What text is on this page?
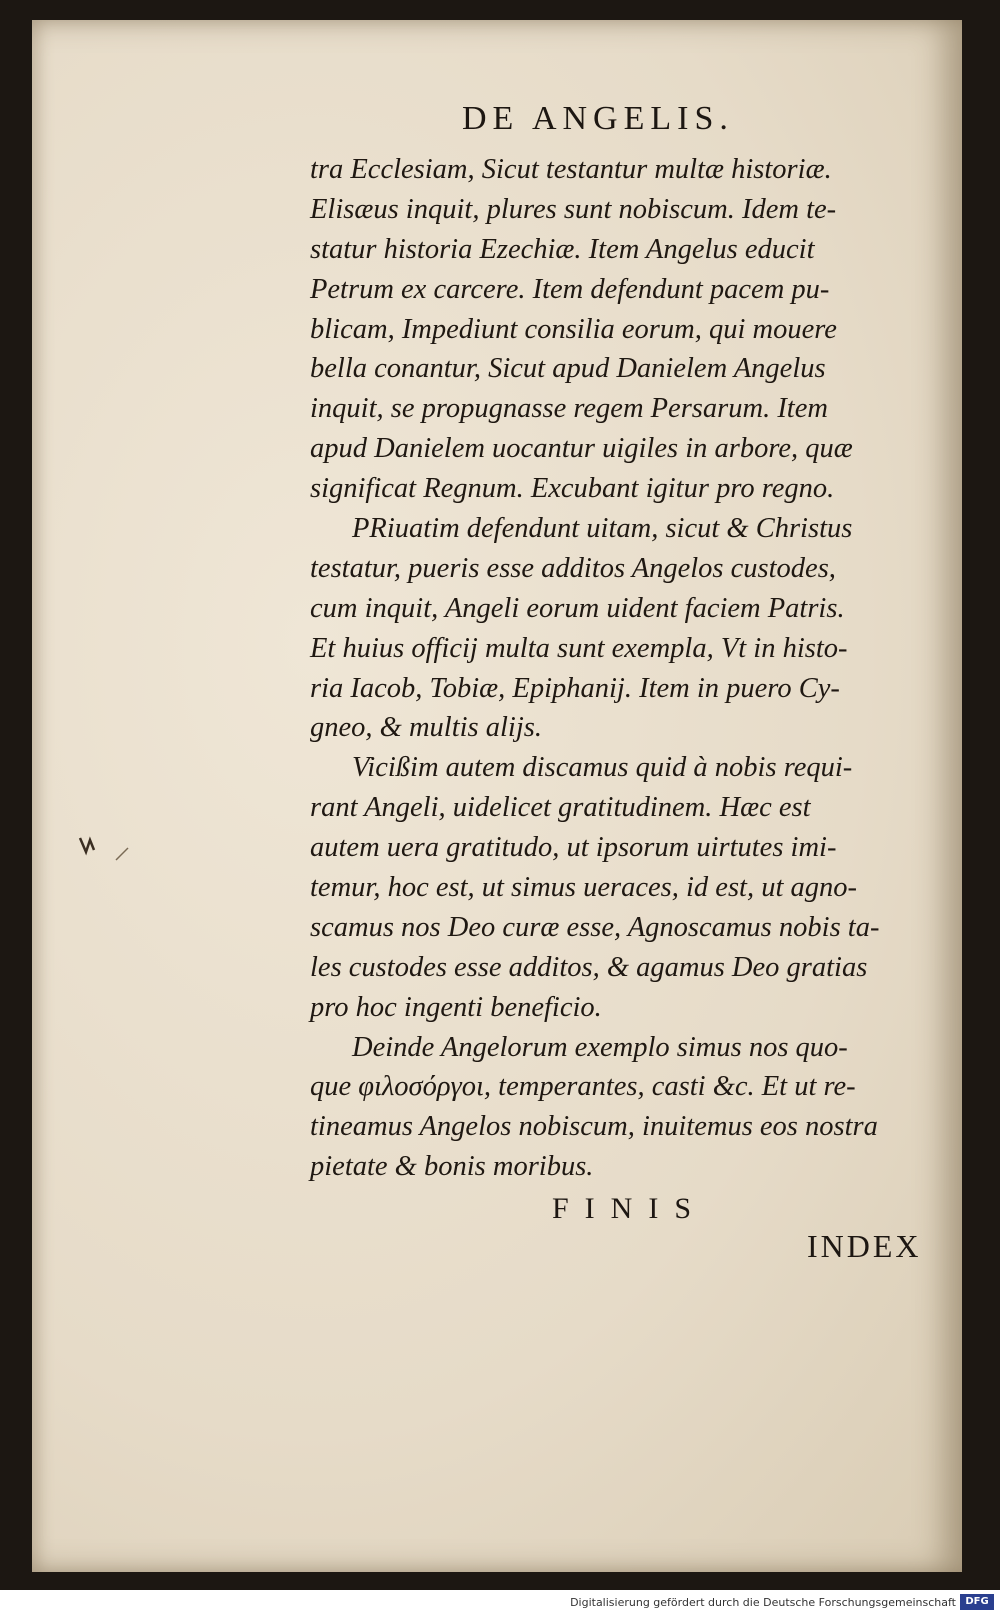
DE ANGELIS.
tra Ecclesiam, Sicut testantur multæ historiæ.
Elisæus inquit, plures sunt nobiscum. Idem te-
statur historia Ezechiæ. Item Angelus educit
Petrum ex carcere. Item defendunt pacem pu-
blicam, Impediunt consilia eorum, qui mouere
bella conantur, Sicut apud Danielem Angelus
inquit, se propugnasse regem Persarum. Item
apud Danielem uocantur uigiles in arbore, quæ
significat Regnum. Excubant igitur pro regno.
PRiuatim defendunt uitam, sicut & Christus
testatur, pueris esse additos Angelos custodes,
cum inquit, Angeli eorum uident faciem Patris.
Et huius officij multa sunt exempla, Vt in histo-
ria Iacob, Tobiæ, Epiphanij. Item in puero Cy-
gneo, & multis alijs.
Vicißim autem discamus quid à nobis requi-
rant Angeli, uidelicet gratitudinem. Hæc est
autem uera gratitudo, ut ipsorum uirtutes imi-
temur, hoc est, ut simus ueraces, id est, ut agno-
scamus nos Deo curæ esse, Agnoscamus nobis ta-
les custodes esse additos, & agamus Deo gratias
pro hoc ingenti beneficio.
Deinde Angelorum exemplo simus nos quo-
que φιλοσόργοι, temperantes, casti &c. Et ut re-
tineamus Angelos nobiscum, inuitemus eos nostra
pietate & bonis moribus.
FINIS
INDEX
Digitalisierung gefördert durch die Deutsche Forschungsgemeinschaft DFG
